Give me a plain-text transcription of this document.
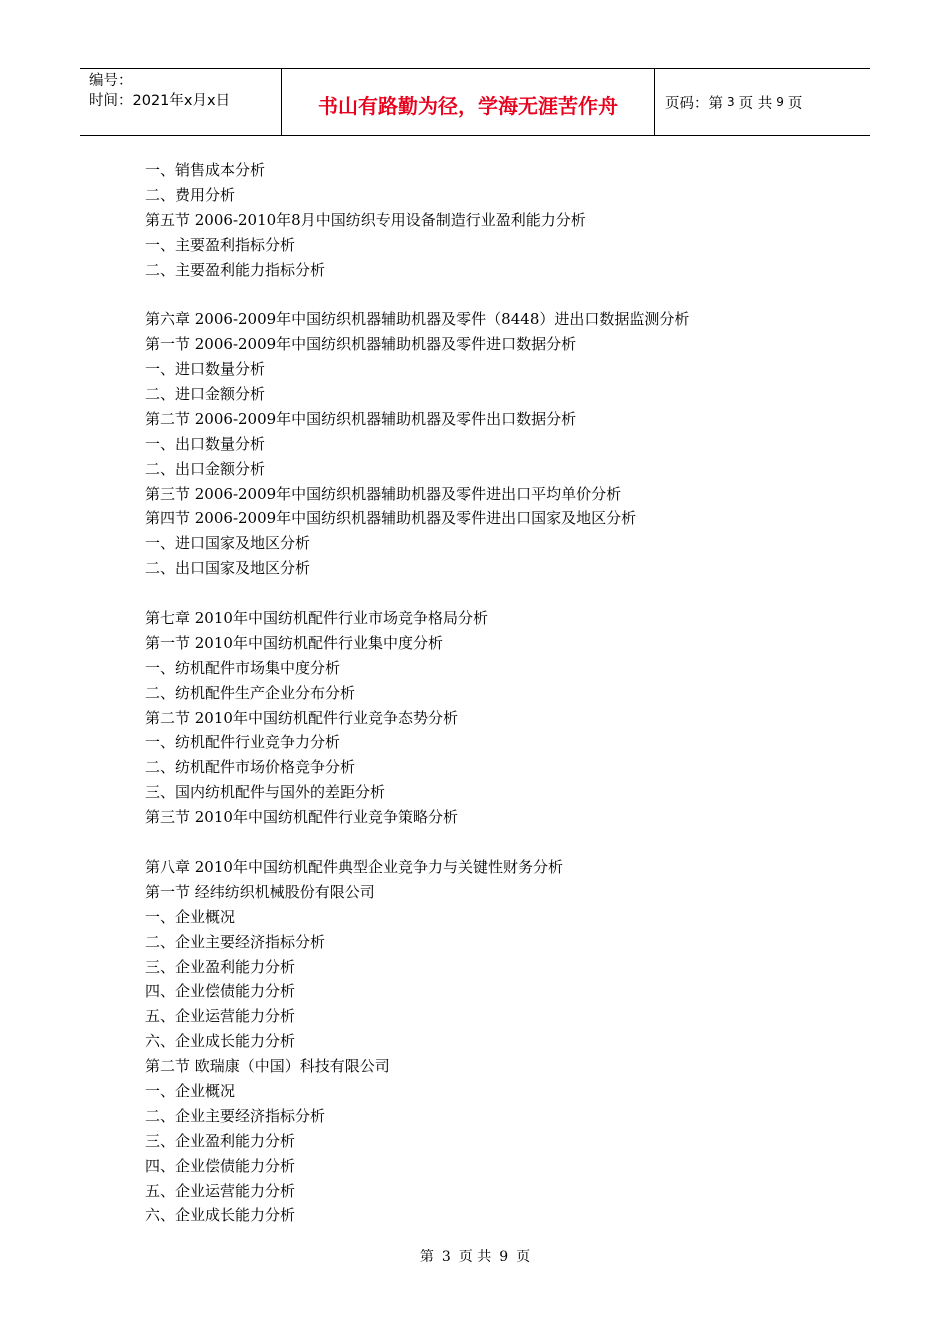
编号：
时间：2021年x月x日	书山有路勤为径，学海无涯苦作舟	页码：第 3 页 共 9 页
一、销售成本分析
二、费用分析
第五节 2006-2010年8月中国纺织专用设备制造行业盈利能力分析
一、主要盈利指标分析
二、主要盈利能力指标分析
第六章 2006-2009年中国纺织机器辅助机器及零件（8448）进出口数据监测分析
第一节 2006-2009年中国纺织机器辅助机器及零件进口数据分析
一、进口数量分析
二、进口金额分析
第二节 2006-2009年中国纺织机器辅助机器及零件出口数据分析
一、出口数量分析
二、出口金额分析
第三节 2006-2009年中国纺织机器辅助机器及零件进出口平均单价分析
第四节 2006-2009年中国纺织机器辅助机器及零件进出口国家及地区分析
一、进口国家及地区分析
二、出口国家及地区分析
第七章 2010年中国纺机配件行业市场竞争格局分析
第一节 2010年中国纺机配件行业集中度分析
一、纺机配件市场集中度分析
二、纺机配件生产企业分布分析
第二节 2010年中国纺机配件行业竞争态势分析
一、纺机配件行业竞争力分析
二、纺机配件市场价格竞争分析
三、国内纺机配件与国外的差距分析
第三节 2010年中国纺机配件行业竞争策略分析
第八章 2010年中国纺机配件典型企业竞争力与关键性财务分析
第一节 经纬纺织机械股份有限公司
一、企业概况
二、企业主要经济指标分析
三、企业盈利能力分析
四、企业偿债能力分析
五、企业运营能力分析
六、企业成长能力分析
第二节 欧瑞康（中国）科技有限公司
一、企业概况
二、企业主要经济指标分析
三、企业盈利能力分析
四、企业偿债能力分析
五、企业运营能力分析
六、企业成长能力分析
第 3 页 共 9 页
